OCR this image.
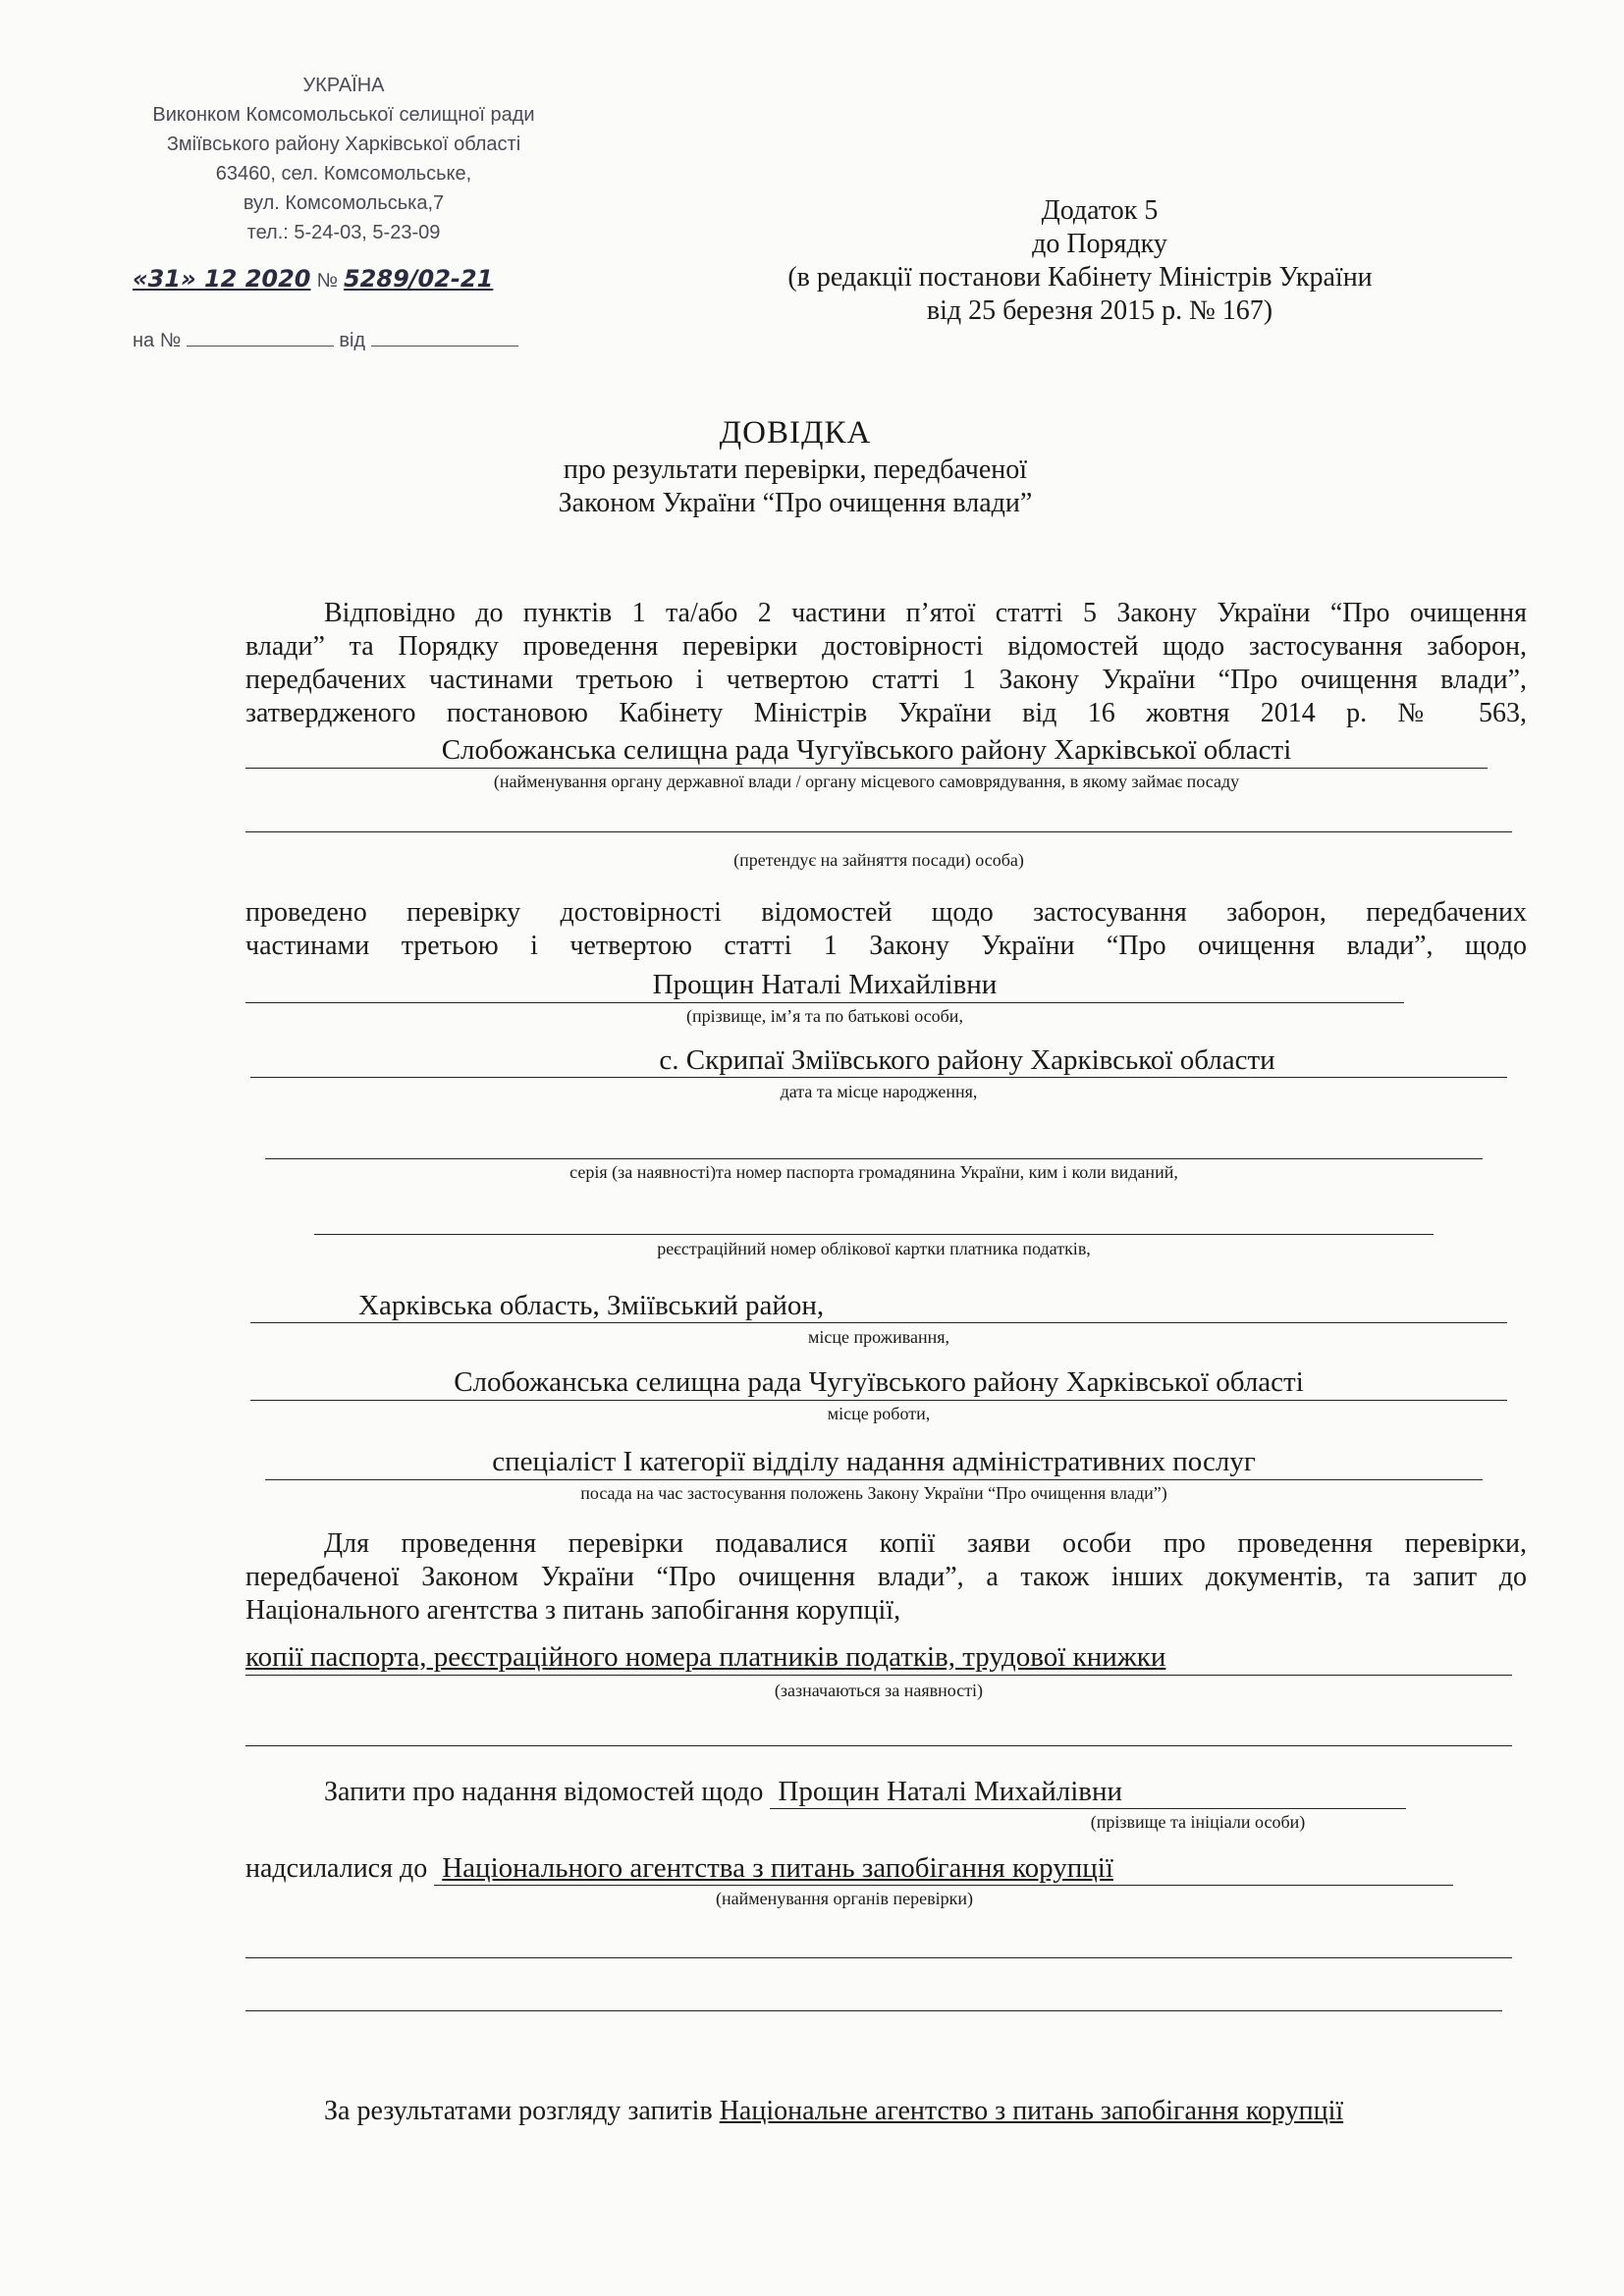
УКРАЇНА
Виконком Комсомольської селищної ради
Зміївського району Харківської області
63460, сел. Комсомольське,
вул. Комсомольська,7
тел.: 5-24-03, 5-23-09
«31» 12 2020 № 5289/02-21
на №	від
Додаток 5
до Порядку
(в редакції постанови Кабінету Міністрів України
від 25 березня 2015 р. № 167)
ДОВІДКА
про результати перевірки, передбаченої
Законом України “Про очищення влади”
Відповідно до пунктів 1 та/або 2 частини п’ятої статті 5 Закону України “Про очищення
влади” та Порядку проведення перевірки достовірності відомостей щодо застосування заборон,
передбачених частинами третьою і четвертою статті 1 Закону України “Про очищення влади”,
затвердженого постановою Кабінету Міністрів України від 16 жовтня 2014 р. № 563,
Слобожанська селищна рада Чугуївського району Харківської області
(найменування органу державної влади / органу місцевого самоврядування, в якому займає посаду
(претендує на зайняття посади) особа)
проведено перевірку достовірності відомостей щодо застосування заборон, передбачених
частинами третьою і четвертою статті 1 Закону України “Про очищення влади”, щодо
Прощин Наталі Михайлівни
(прізвище, ім’я та по батькові особи,
с. Скрипаї Зміївського району Харківської области
дата та місце народження,
серія (за наявності)та номер паспорта громадянина України, ким і коли виданий,
реєстраційний номер облікової картки платника податків,
Харківська область, Зміївський район,
місце проживання,
Слобожанська селищна рада Чугуївського району Харківської області
місце роботи,
спеціаліст І категорії відділу надання адміністративних послуг
посада на час застосування положень Закону України “Про очищення влади”)
Для проведення перевірки подавалися копії заяви особи про проведення перевірки,
передбаченої Законом України “Про очищення влади”, а також інших документів, та запит до
Національного агентства з питань запобігання корупції,
копії паспорта, реєстраційного номера платників податків, трудової книжки
(зазначаються за наявності)
Запити про надання відомостей щодо Прощин Наталі Михайлівни
(прізвище та ініціали особи)
надсилалися до Національного агентства з питань запобігання корупції
(найменування органів перевірки)
За результатами розгляду запитів Національне агентство з питань запобігання корупції
